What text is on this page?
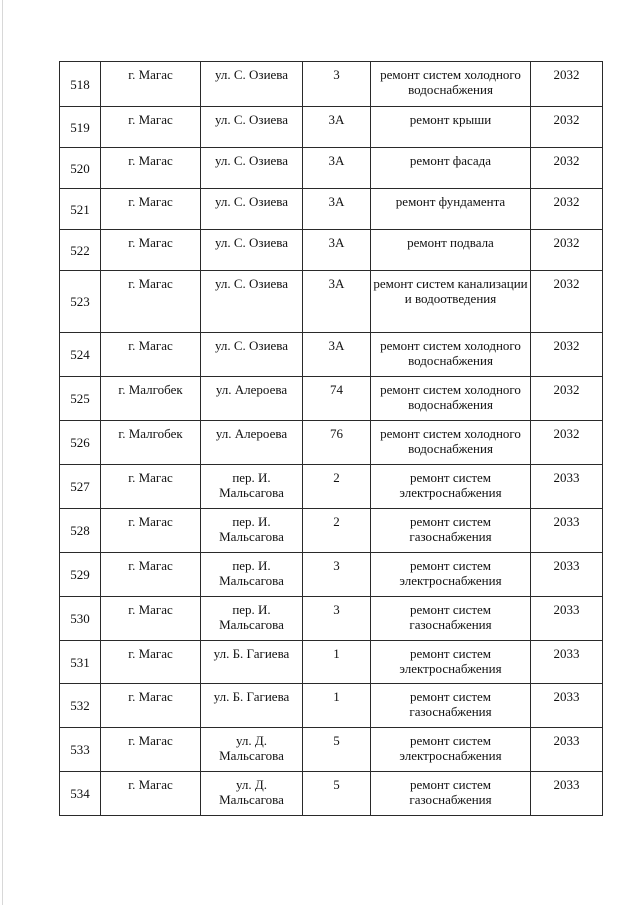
518	г. Магас	ул. С. Озиева	3	ремонт систем холодного водоснабжения	2032
519	г. Магас	ул. С. Озиева	3А	ремонт крыши	2032
520	г. Магас	ул. С. Озиева	3А	ремонт фасада	2032
521	г. Магас	ул. С. Озиева	3А	ремонт фундамента	2032
522	г. Магас	ул. С. Озиева	3А	ремонт подвала	2032
523	г. Магас	ул. С. Озиева	3А	ремонт систем канализации и водоотведения	2032
524	г. Магас	ул. С. Озиева	3А	ремонт систем холодного водоснабжения	2032
525	г. Малгобек	ул. Алероева	74	ремонт систем холодного водоснабжения	2032
526	г. Малгобек	ул. Алероева	76	ремонт систем холодного водоснабжения	2032
527	г. Магас	пер. И. Мальсагова	2	ремонт систем электроснабжения	2033
528	г. Магас	пер. И. Мальсагова	2	ремонт систем газоснабжения	2033
529	г. Магас	пер. И. Мальсагова	3	ремонт систем электроснабжения	2033
530	г. Магас	пер. И. Мальсагова	3	ремонт систем газоснабжения	2033
531	г. Магас	ул. Б. Гагиева	1	ремонт систем электроснабжения	2033
532	г. Магас	ул. Б. Гагиева	1	ремонт систем газоснабжения	2033
533	г. Магас	ул. Д. Мальсагова	5	ремонт систем электроснабжения	2033
534	г. Магас	ул. Д. Мальсагова	5	ремонт систем газоснабжения	2033
